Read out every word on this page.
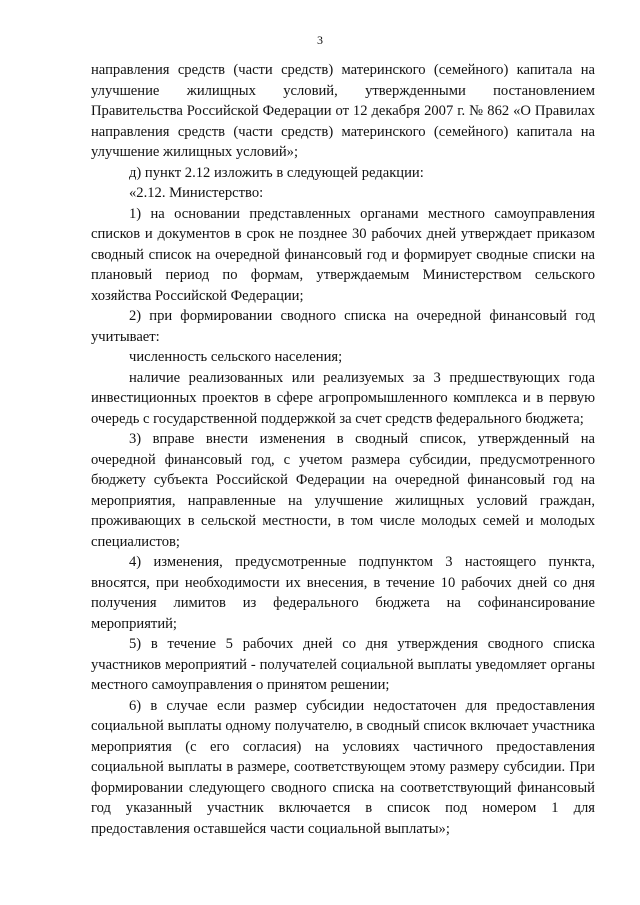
3

направления средств (части средств) материнского (семейного) капитала на улучшение жилищных условий, утвержденными постановлением Правительства Российской Федерации от 12 декабря 2007 г. № 862 «О Правилах направления средств (части средств) материнского (семейного) капитала на улучшение жилищных условий»;

д) пункт 2.12 изложить в следующей редакции:

«2.12. Министерство:

1) на основании представленных органами местного самоуправления списков и документов в срок не позднее 30 рабочих дней утверждает приказом сводный список на очередной финансовый год и формирует сводные списки на плановый период по формам, утверждаемым Министерством сельского хозяйства Российской Федерации;

2) при формировании сводного списка на очередной финансовый год учитывает:

численность сельского населения;

наличие реализованных или реализуемых за 3 предшествующих года инвестиционных проектов в сфере агропромышленного комплекса и в первую очередь с государственной поддержкой за счет средств федерального бюджета;

3) вправе внести изменения в сводный список, утвержденный на очередной финансовый год, с учетом размера субсидии, предусмотренного бюджету субъекта Российской Федерации на очередной финансовый год на мероприятия, направленные на улучшение жилищных условий граждан, проживающих в сельской местности, в том числе молодых семей и молодых специалистов;

4) изменения, предусмотренные подпунктом 3 настоящего пункта, вносятся, при необходимости их внесения, в течение 10 рабочих дней со дня получения лимитов из федерального бюджета на софинансирование мероприятий;

5) в течение 5 рабочих дней со дня утверждения сводного списка участников мероприятий - получателей социальной выплаты уведомляет органы местного самоуправления о принятом решении;

6) в случае если размер субсидии недостаточен для предоставления социальной выплаты одному получателю, в сводный список включает участника мероприятия (с его согласия) на условиях частичного предоставления социальной выплаты в размере, соответствующем этому размеру субсидии. При формировании следующего сводного списка на соответствующий финансовый год указанный участник включается в список под номером 1 для предоставления оставшейся части социальной выплаты»;
